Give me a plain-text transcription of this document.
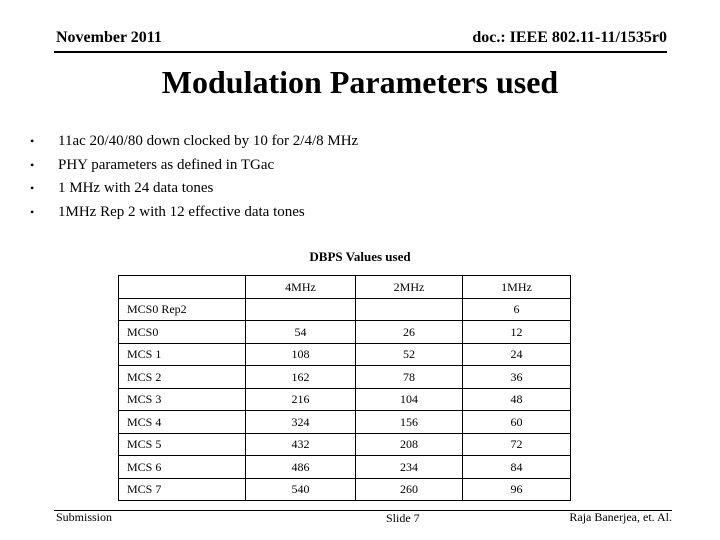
November 2011	doc.: IEEE 802.11-11/1535r0
Modulation Parameters used
• 11ac 20/40/80 down clocked by 10 for 2/4/8 MHz
• PHY parameters as defined in TGac
• 1 MHz with 24 data tones
• 1MHz Rep 2 with 12 effective data tones
DBPS Values used
	4MHz	2MHz	1MHz
MCS0 Rep2			6
MCS0	54	26	12
MCS 1	108	52	24
MCS 2	162	78	36
MCS 3	216	104	48
MCS 4	324	156	60
MCS 5	432	208	72
MCS 6	486	234	84
MCS 7	540	260	96
Submission	Slide 7	Raja Banerjea, et. Al.
